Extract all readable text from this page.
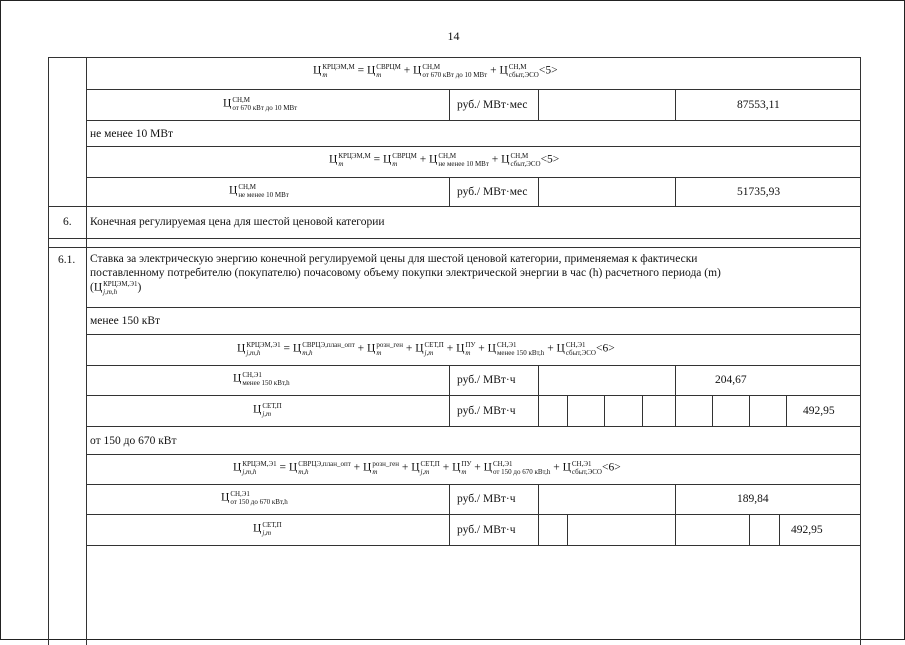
14
Ц КРЦЭМ,М
m	= Ц СВРЦМ
m	+ Ц СН,М
от 670 кВт до 10 МВт + Ц СН,М
сбыт,ЭСО <5>
Ц СН,М
от 670 кВт до 10 МВт	руб./ МВт·мес	87553,11
не менее 10 МВт
Ц КРЦЭМ,М
m	= Ц СВРЦМ
m	+ Ц СН,М
не менее 10 МВт + Ц СН,М
сбыт,ЭСО <5>
Ц СН,М
не менее 10 МВт	руб./ МВт·мес	51735,93
6. Конечная регулируемая цена для шестой ценовой категории
6.1. Ставка за электрическую энергию конечной регулируемой цены для шестой ценовой категории, применяемая к фактически
поставленному потребителю (покупателю) почасовому объему покупки электрической энергии в час (h) расчетного периода (m)
(Ц КРЦЭМ,Э1
j,m,h	)
менее 150 кВт
Ц КРЦЭМ,Э1
j,m,h	= Ц СВРЦЭ,план_опт
m,h	+ Ц розн_ген
m	+ Ц СЕТ,П
j,m + Ц ПУ
m + Ц СН,Э1
менее 150 кВт,h + Ц СН,Э1
сбыт,ЭСО <6>
Ц СН,Э1
менее 150 кВт,h	руб./ МВт·ч	204,67
Ц СЕТ,П
j,m	руб./ МВт·ч	492,95
от 150 до 670 кВт
Ц КРЦЭМ,Э1
j,m,h	= Ц СВРЦЭ,план_опт
m,h	+ Ц розн_ген
m	+ Ц СЕТ,П
j,m + Ц ПУ
m + Ц СН,Э1
от 150 до 670 кВт,h + Ц СН,Э1
сбыт,ЭСО <6>
Ц СН,Э1
от 150 до 670 кВт,h	руб./ МВт·ч	189,84
Ц СЕТ,П
j,m	руб./ МВт·ч	492,95
